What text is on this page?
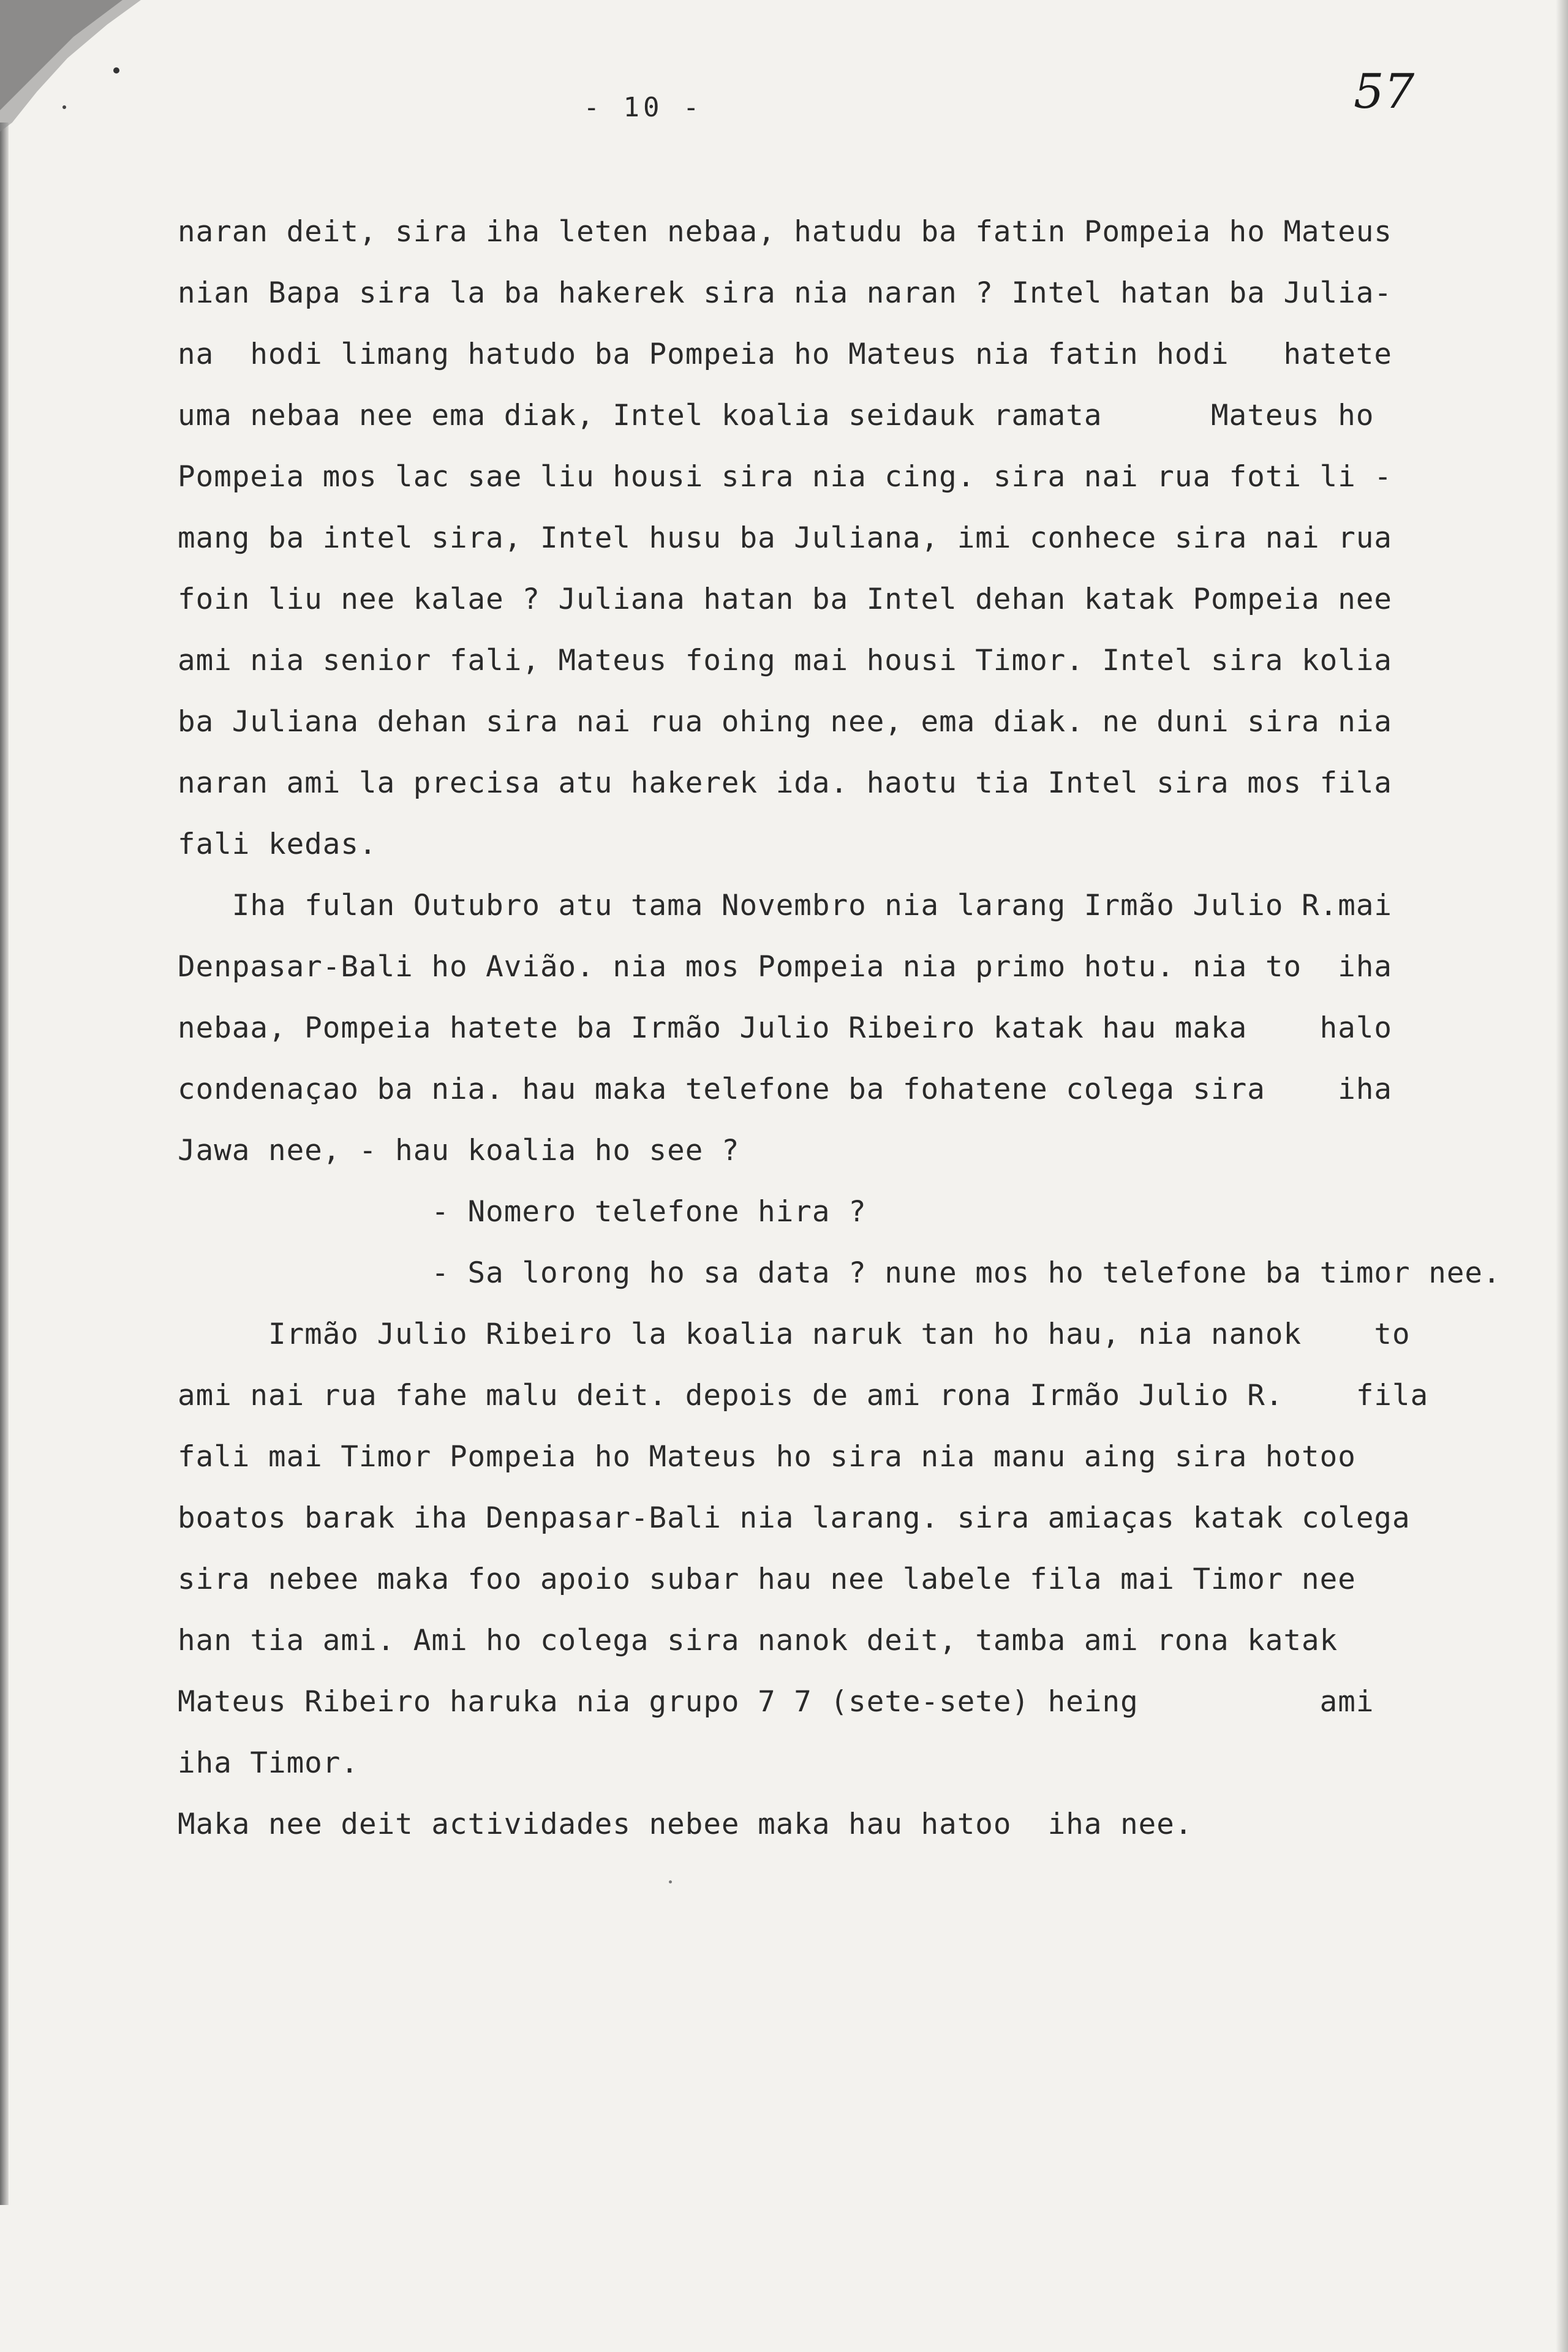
- 10 -	57
naran deit, sira iha leten nebaa, hatudu ba fatin Pompeia ho Mateus
nian Bapa sira la ba hakerek sira nia naran ? Intel hatan ba Julia-
na  hodi limang hatudo ba Pompeia ho Mateus nia fatin hodi   hatete
uma nebaa nee ema diak, Intel koalia seidauk ramata      Mateus ho
Pompeia mos lac sae liu housi sira nia cing. sira nai rua foti li -
mang ba intel sira, Intel husu ba Juliana, imi conhece sira nai rua
foin liu nee kalae ? Juliana hatan ba Intel dehan katak Pompeia nee
ami nia senior fali, Mateus foing mai housi Timor. Intel sira kolia
ba Juliana dehan sira nai rua ohing nee, ema diak. ne duni sira nia
naran ami la precisa atu hakerek ida. haotu tia Intel sira mos fila
fali kedas.
Iha fulan Outubro atu tama Novembro nia larang Irmão Julio R.mai
Denpasar-Bali ho Avião. nia mos Pompeia nia primo hotu. nia to  iha
nebaa, Pompeia hatete ba Irmão Julio Ribeiro katak hau maka    halo
condenaçao ba nia. hau maka telefone ba fohatene colega sira    iha
Jawa nee, - hau koalia ho see ?
- Nomero telefone hira ?
- Sa lorong ho sa data ? nune mos ho telefone ba timor nee.
Irmão Julio Ribeiro la koalia naruk tan ho hau, nia nanok    to
ami nai rua fahe malu deit. depois de ami rona Irmão Julio R.    fila
fali mai Timor Pompeia ho Mateus ho sira nia manu aing sira hotoo
boatos barak iha Denpasar-Bali nia larang. sira amiaças katak colega
sira nebee maka foo apoio subar hau nee labele fila mai Timor nee
han tia ami. Ami ho colega sira nanok deit, tamba ami rona katak
Mateus Ribeiro haruka nia grupo 7 7 (sete-sete) heing          ami
iha Timor.
Maka nee deit actividades nebee maka hau hatoo  iha nee.
